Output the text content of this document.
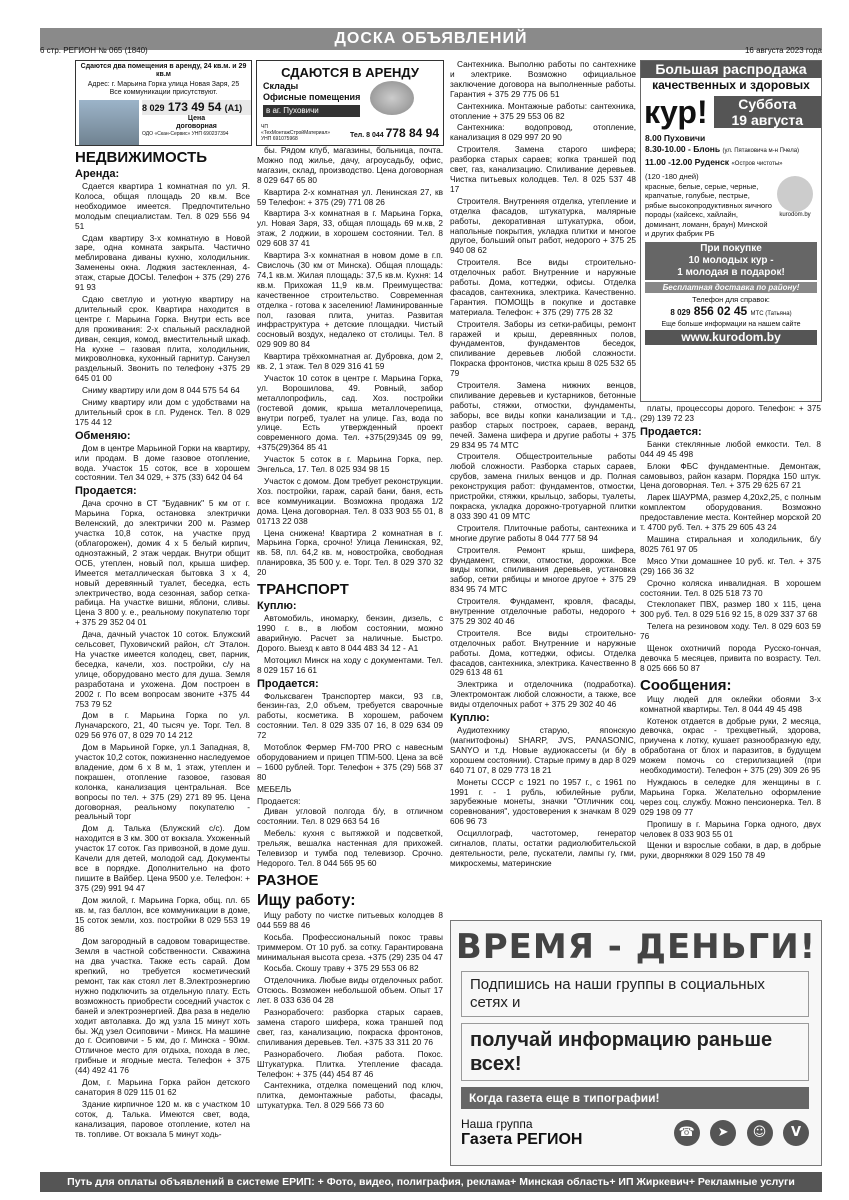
ДОСКА ОБЪЯВЛЕНИЙ
6 стр. РЕГИОН № 065 (1840)	16 августа 2023 года
Сдаются два помещения в аренду, 24 кв.м. и 29 кв.м
Адрес: г. Марьина Горка улица Новая Заря, 25
Все коммуникации присутствуют.
8 029 173 49 54 (A1)
Цена
договорная
ОДО «Скан-Сервис» УНП 690237394
СДАЮТСЯ В АРЕНДУ
Склады
Офисные помещения
в аг. Пуховичи
ЧП «ТехМонтажСтройМатериал» УНП 691075968	Тел. 8 044 778 84 94
НЕДВИЖИМОСТЬ
Аренда:

Сдается квартира 1 комнатная по ул. Я. Колоса, общая площадь 20 кв.м. Все необходимое имеется. Предпочтительно молодым специалистам. Тел. 8 029 556 94 51

Сдам квартиру 3-х комнатную в Новой заре, одна комната закрыта. Частично меблирована диваны кухню, холодильник. Заменены окна. Лоджия застекленная, 4-этаж, старые ДОСЫ. Телефон + 375 (29) 276 91 93

Сдаю светлую и уютную квартиру на длительный срок. Квартира находится в центре г. Марьина Горка. Внутри есть все для проживания: 2-х спальный раскладной диван, секция, комод, вместительный шкаф. На кухне – газовая плита, холодильник, микроволновка, кухонный гарнитур. Санузел раздельный. Звонить по телефону +375 29 645 01 00

Сниму квартиру или дом 8 044 575 54 64

Сниму квартиру или дом с удобствами на длительный срок в г.п. Руденск. Тел. 8 029 175 44 12

Обменяю:

Дом в центре Марьиной Горки на квартиру, или продам. В доме газовое отопление, вода. Участок 15 соток, все в хорошем состоянии. Тел 34 029, + 375 (33) 642 04 64

Продается:

Дача срочно в СТ "Будавник" 5 км от г. Марьина Горка, остановка электрички Веленский, до электрички 200 м. Размер участка 10,8 соток, на участке пруд (облагорожен), домик 4 х 5 белый кирпич, одноэтажный, 2 этаж чердак. Внутри общит ОСБ, утеплен, новый пол, крыша шифер. Имеется металлическая бытовка 3 х 4, новый деревянный туалет, беседка, есть электричество, вода сезонная, забор сетка-рабица. На участке вишни, яблони, сливы. Цена 3 800 у. е., реальному покупателю торг + 375 29 352 04 01

Дача, дачный участок 10 соток. Блужский сельсовет, Пуховичский район, с/т Эталон. На участке имеется колодец, свет, парник, беседка, качели, хоз. постройки, с/у на улице, оборудовано место для душа. Земля разработана и ухожена. Дом построен в 2002 г. По всем вопросам звоните +375 44 753 79 52

Дом в г. Марьина Горка по ул. Луначарского, 21, 40 тысяч уе. Торг. Тел. 8 029 56 976 07, 8 029 70 14 212

Дом в Марьиной Горке, ул.1 Западная, 8, участок 10,2 соток, пожизненно наследуемое владение, дом 6 х 8 м, 1 этаж, утеплен и покрашен, отопление газовое, газовая колонка, канализация центральная. Все вопросы по тел. + 375 (29) 271 89 95. Цена договорная, реальному покупателю - реальный торг

Дом д. Талька (Блужский с/с). Дом находится в 3 км. 300 от вокзала. Ухоженный участок 17 соток. Газ привозной, в доме душ. Качели для детей, молодой сад. Документы все в порядке. Дополнительно на фото пишите в Вайбер. Цена 9500 у.е. Телефон: + 375 (29) 991 94 47

Дом жилой, г. Марьина Горка, общ. пл. 65 кв. м, газ баллон, все коммуникации в доме, 15 соток земли, хоз. постройки 8 029 553 19 86

Дом загородный в садовом товариществе. Земля в частной собственности. Скважина на два участка. Также есть сарай. Дом крепкий, но требуется косметический ремонт, так как стоял лет 8.Электроэнергию нужно подключить за отдельную плату. Есть возможность приобрести соседний участок с баней и электроэнергией. Два раза в неделю ходит автолавка. До жд узла 15 минут хоть бы. Жд узел Осиповичи - Минск. На машине до г. Осиповичи - 5 км, до г. Минска - 90км. Отличное место для отдыха, похода в лес, грибные и ягодные места. Телефон + 375 (44) 492 41 76

Дом, г. Марьина Горка район детского санатория 8 029 115 01 62

Здание кирпичное 120 м. кв с участком 10 соток, д. Талька. Имеются свет, вода, канализация, паровое отопление, котел на тв. топливе. От вокзала 5 минут ходь-

бы. Рядом клуб, магазины, больница, почта. Можно под жилье, дачу, агроусадьбу, офис, магазин, склад, производство. Цена договорная 8 029 647 65 80

Квартира 2-х комнатная ул. Ленинская 27, кв 59 Телефон: + 375 (29) 771 08 26

Квартира 3-х комнатная в г. Марьина Горка, ул. Новая Заря, 33, общая площадь 69 м.кв, 2 этаж, 2 лоджии, в хорошем состоянии. Тел. 8 029 608 37 41

Квартира 3-х комнатная в новом доме в г.п. Свислочь (30 км от Минска). Общая площадь: 74,1 кв.м. Жилая площадь: 37,5 кв.м. Кухня: 14 кв.м. Прихожая 11,9 кв.м. Преимущества: качественное строительство. Современная отделка - готова к заселению! Ламинированные пол, газовая плита, унитаз. Развитая инфраструктура + детские площадки. Чистый сосновый воздух, недалеко от столицы. Тел. 8 029 909 80 84

Квартира трёхкомнатная аг. Дубровка, дом 2, кв. 2, 1 этаж. Тел 8 029 316 41 59

Участок 10 соток в центре г. Марьина Горка, ул. Ворошилова, 49. Ровный, забор металлопрофиль, сад. Хоз. постройки (гостевой домик, крыша металлочерепица, внутри погреб, туалет на улице. Газ, вода по улице. Есть утвержденный проект современного дома. Тел. +375(29)345 09 99, +375(29)364 85 41

Участок 5 соток в г. Марьина Горка, пер. Энгельса, 17. Тел. 8 025 934 98 15

Участок с домом. Дом требует реконструкции. Хоз. постройки, гараж, сарай бани, баня, есть все коммуникации. Возможна продажа 1/2 дома. Цена договорная. Тел. 8 033 903 55 01, 8 01713 22 038

Цена снижена! Квартира 2 комнатная в г. Марьина Горка, срочно! Улица Ленинская, 92, кв. 58, пл. 64,2 кв. м, новостройка, свободная планировка, 35 500 у. е. Торг. Тел. 8 029 370 32 20

ТРАНСПОРТ
Куплю:

Автомобиль, иномарку, бензин, дизель, с 1990 г. в., в любом состоянии, можно аварийную. Расчет за наличные. Быстро. Дорого. Выезд к авто 8 044 483 34 12 - А1

Мотоцикл Минск на ходу с документами. Тел. 8 029 157 16 61

Продается:

Фольксваген Транспортер макси, 93 г.в, бензин-газ, 2,0 объем, требуется сварочные работы, косметика. В хорошем, рабочем состоянии. Тел. 8 029 335 07 16, 8 029 634 09 72

Мотоблок Фермер FM-700 PRO с навесным оборудованием и прицеп ТПМ-500. Цена за всё – 1600 рублей. Торг. Телефон + 375 (29) 568 37 80

МЕБЕЛЬ
Продается:

Диван угловой полгода б/у, в отличном состоянии. Тел. 8 029 663 54 16

Мебель: кухня с вытяжкой и подсветкой, трельяж, вешалка настенная для прихожей. Телевизор и тумба под телевизор. Срочно. Недорого. Тел. 8 044 565 95 60

РАЗНОЕ
Ищу работу:

Ищу работу по чистке питьевых колодцев 8 044 559 88 46

Косьба. Профессиональный покос травы триммером. От 10 руб. за сотку. Гарантирована минимальная высота среза. +375 (29) 235 04 47

Косьба. Скошу траву + 375 29 553 06 82

Отделочника. Любые виды отделочных работ. Отсюсь. Возможен небольшой объем. Опыт 17 лет. 8 033 636 04 28

Разнорабочего: разборка старых сараев, замена старого шифера, кожа траншей под свет, газ, канализацию, покраска фронтонов, спиливания деревьев. Тел. +375 33 311 20 76

Разнорабочего. Любая работа. Покос. Штукатурка. Плитка. Утепление фасада. Телефон: + 375 (44) 454 87 46

Сантехника, отделка помещений под ключ, плитка, демонтажные работы, фасады, штукатурка. Тел. 8 029 566 73 60

Сантехника. Выполню работы по сантехнике и электрике. Возможно официальное заключение договора на выполненные работы. Гарантия + 375 29 775 06 51

Сантехника. Монтажные работы: сантехника, отопление + 375 29 553 06 82

Сантехника: водопровод, отопление, канализация 8 029 997 20 90

Строителя. Замена старого шифера; разборка старых сараев; копка траншей под свет, газ, канализацию. Спиливание деревьев. Чистка питьевых колодцев. Тел. 8 025 537 48 17

Строителя. Внутренняя отделка, утепление и отделка фасадов, штукатурка, малярные работы, декоративная штукатурка, обои, напольные покрытия, укладка плитки и многое другое, больший опыт работ, недорого + 375 25 940 08 62

Строителя. Все виды строительно-отделочных работ. Внутренние и наружные работы. Дома, коттеджи, офисы. Отделка фасадов, сантехника, электрика. Качественно. Гарантия. ПОМОЩЬ в покупке и доставке материала. Телефон: + 375 (29) 775 28 32

Строителя. Заборы из сетки-рабицы, ремонт гаражей и крыш, деревянных полов, фундаментов, фундаментов беседок, спиливание деревьев любой сложности. Покраска фронтонов, чистка крыш 8 025 532 65 79

Строителя. Замена нижних венцов, спиливание деревьев и кустарников, бетонные работы, стяжки, отмостки, фундаменты, заборы, все виды копки канализации и т.д., разбор старых построек, сараев, веранд, печей. Замена шифера и другие работы + 375 29 834 95 74 МТС

Строителя. Общестроительные работы любой сложности. Разборка старых сараев, срубов, замена гнилых венцов и др. Полная реконструкция работ: фундаментов, отмостки, пристройки, стяжки, крыльцо, заборы, туалеты, покраска, укладка дорожно-тротуарной плитки 8 033 390 41 09 МТС

Строителя. Плиточные работы, сантехника и многие другие работы 8 044 777 58 94

Строителя. Ремонт крыш, шифера, фундамент, стяжки, отмостки, дорожки. Все виды копки, спиливания деревьев, установка забор, сетки рябицы и многое другое + 375 29 834 95 74 МТС

Строителя. Фундамент, кровля, фасады, внутренние отделочные работы, недорого + 375 29 302 40 46

Строителя. Все виды строительно-отделочных работ. Внутренние и наружные работы. Дома, коттеджи, офисы. Отделка фасадов, сантехника, электрика. Качественно 8 029 613 48 61

Электрика и отделочника (подработка). Электромонтаж любой сложности, а также, все виды отделочных работ + 375 29 302 40 46

Куплю:

Аудиотехнику старую, японскую (магнитофоны) SHARP, JVS, PANASONIC, SANYO и т.д. Новые аудиокассеты (и б/у в хорошем состоянии). Старые приму в дар 8 029 640 71 07, 8 029 773 18 21

Монеты СССР с 1921 по 1957 г., с 1961 по 1991 г. - 1 рубль, юбилейные рубли, зарубежные монеты, значки "Отличник соц. соревнования", удостоверения к значкам 8 029 606 96 73

Осциллограф, частотомер, генератор сигналов, платы, остатки радиолюбительской деятельности, реле, пускатели, лампы гу, гми, микросхемы, материнские

Большая распродажа
качественных и здоровых
кур!	Суббота
19 августа
8.00 Пуховичи
8.30-10.00 - Блонь (ул. Пятаковича м-н Пчела)
11.00 -12.00 Руденск «Остров чистоты»
(120 -180 дней)
красные, белые, серые, черные, крапчатые, голубые, пестрые, рябые высокопродуктивных яичного породы (хайсекс, хайлайн, доминант, ломанн, браун) Минской и других фабрик РБ
kurodom.by
При покупке
10 молодых кур -
1 молодая в подарок!
Бесплатная доставка по району!
Телефон для справок:
8 029 856 02 45 МТС (Татьяна)
Еще больше информации на нашем сайте
www.kurodom.by

платы, процессоры дорого. Телефон: + 375 (29) 139 72 23

Продается:

Банки стеклянные любой емкости. Тел. 8 044 49 45 498

Блоки ФБС фундаментные. Демонтаж, самовывоз, район казарм. Порядка 150 штук. Цена договорная. Тел. + 375 29 625 67 21

Ларек ШАУРМА, размер 4,20х2,25, с полным комплектом оборудования. Возможно предоставление места. Контейнер морской 20 т. 4700 руб. Тел. + 375 29 605 43 24

Машина стиральная и холодильник, б/у 8025 761 97 05

Мясо Утки домашнее 10 руб. кг. Тел. + 375 (29) 166 36 32

Срочно коляска инвалидная. В хорошем состоянии. Тел. 8 025 518 73 70

Стеклопакет ПВХ, размер 180 х 115, цена 300 руб. Тел. 8 029 516 92 15, 8 029 337 37 68

Телега на резиновом ходу. Тел. 8 029 603 59 76

Щенок охотничий порода Русско-гончая, девочка 5 месяцев, привита по возрасту. Тел. 8 025 666 50 87

Сообщения:

Ищу людей для оклейки обоями 3-х комнатной квартиры. Тел. 8 044 49 45 498

Котенок отдается в добрые руки, 2 месяца, девочка, окрас - трехцветный, здорова, приучена к лотку, кушает разнообразную еду, обработана от блох и паразитов, в будущем можем помочь со стерилизацией (при необходимости). Телефон + 375 (29) 309 26 95

Нуждаюсь в селедке для женщины в г. Марьина Горка. Желательно оформление через соц. службу. Можно пенсионерка. Тел. 8 029 198 09 77

Пропишу в г. Марьина Горка одного, двух человек 8 033 903 55 01

Щенки и взрослые собаки, в дар, в добрые руки, дворняжки 8 029 150 78 49

ВРЕМЯ - ДЕНЬГИ!
Подпишись на наши группы в социальных сетях и
получай информацию раньше всех!
Когда газета еще в типографии!
Наша группа
Газета РЕГИОН	☎ ➤ ☺ V
Путь для оплаты объявлений в системе ЕРИП: + Фото, видео, полиграфия, реклама+ Минская область+ ИП Жиркевич+ Рекламные услуги
